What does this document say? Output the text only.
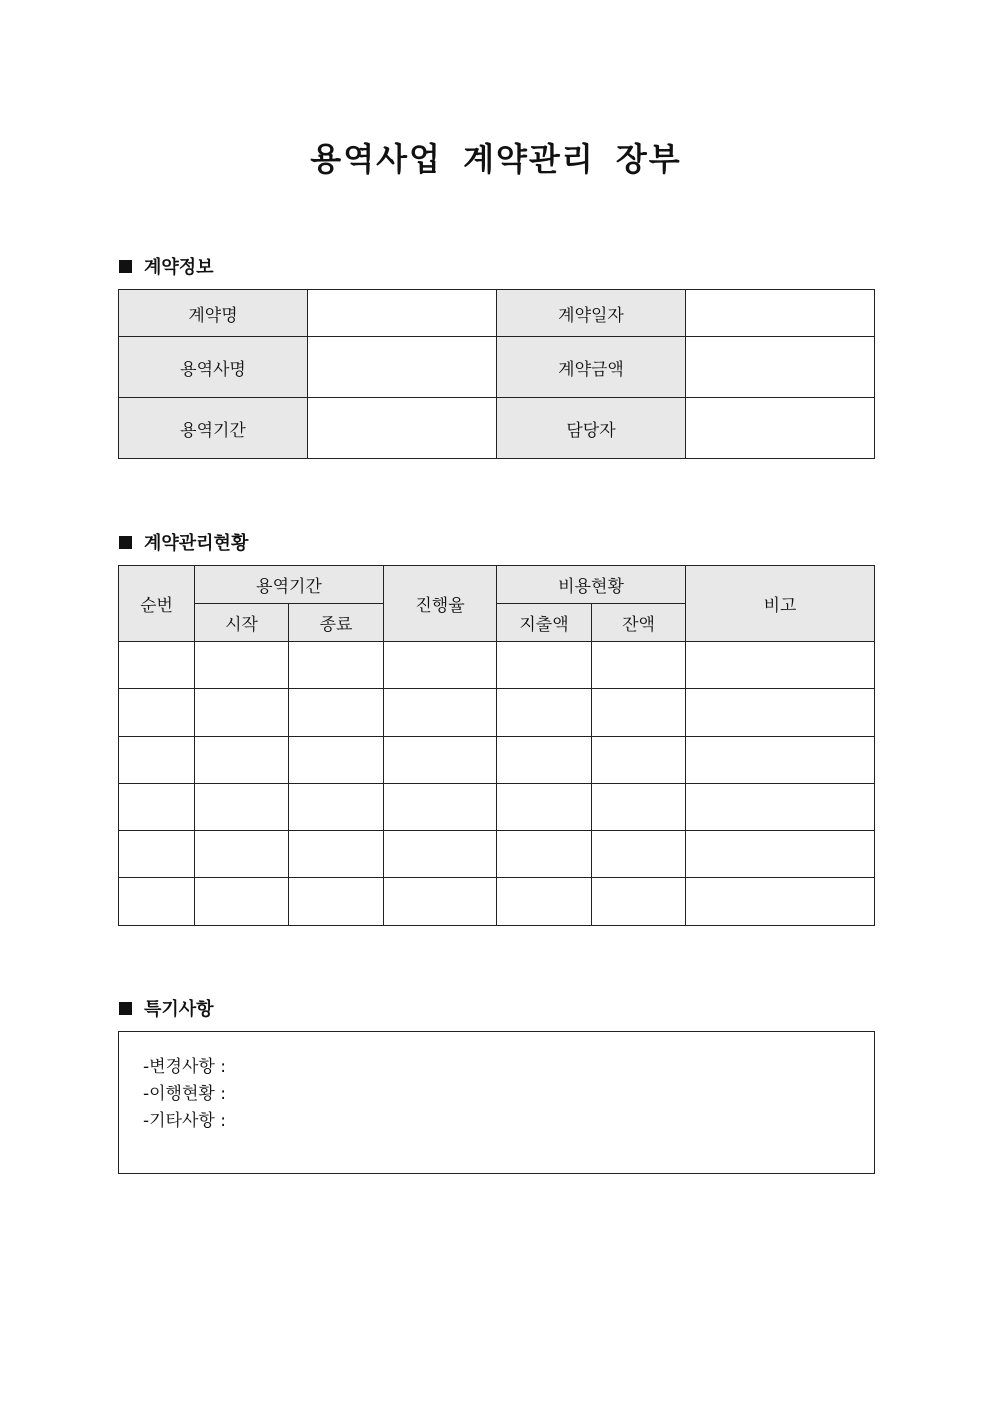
용역사업 계약관리 장부
계약정보
계약명		계약일자	
용역사명		계약금액	
용역기간		담당자	
계약관리현황
순번	용역기간		진행율	비용현황		비고
	시작	종료		지출액	잔액	

특기사항
-변경사항 :
-이행현황 :
-기타사항 :
